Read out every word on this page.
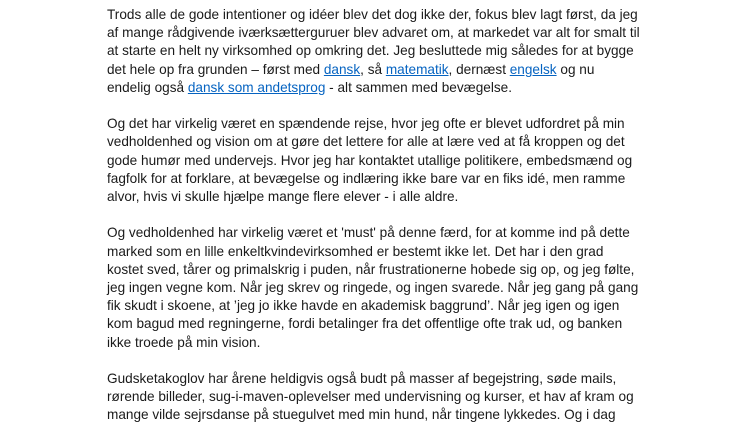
Trods alle de gode intentioner og idéer blev det dog ikke der, fokus blev lagt først, da jeg af mange rådgivende iværksætterguruer blev advaret om, at markedet var alt for smalt til at starte en helt ny virksomhed op omkring det. Jeg besluttede mig således for at bygge det hele op fra grunden – først med dansk, så matematik, dernæst engelsk og nu endelig også dansk som andetsprog - alt sammen med bevægelse.

Og det har virkelig været en spændende rejse, hvor jeg ofte er blevet udfordret på min vedholdenhed og vision om at gøre det lettere for alle at lære ved at få kroppen og det gode humør med undervejs. Hvor jeg har kontaktet utallige politikere, embedsmænd og fagfolk for at forklare, at bevægelse og indlæring ikke bare var en fiks idé, men ramme alvor, hvis vi skulle hjælpe mange flere elever - i alle aldre.

Og vedholdenhed har virkelig været et 'must' på denne færd, for at komme ind på dette marked som en lille enkeltkvindevirksomhed er bestemt ikke let. Det har i den grad kostet sved, tårer og primalskrig i puden, når frustrationerne hobede sig op, og jeg følte, jeg ingen vegne kom. Når jeg skrev og ringede, og ingen svarede. Når jeg gang på gang fik skudt i skoene, at ’jeg jo ikke havde en akademisk baggrund’. Når jeg igen og igen kom bagud med regningerne, fordi betalinger fra det offentlige ofte trak ud, og banken ikke troede på min vision.

Gudsketakoglov har årene heldigvis også budt på masser af begejstring, søde mails, rørende billeder, sug-i-maven-oplevelser med undervisning og kurser, et hav af kram og mange vilde sejrsdanse på stuegulvet med min hund, når tingene lykkedes. Og i dag
